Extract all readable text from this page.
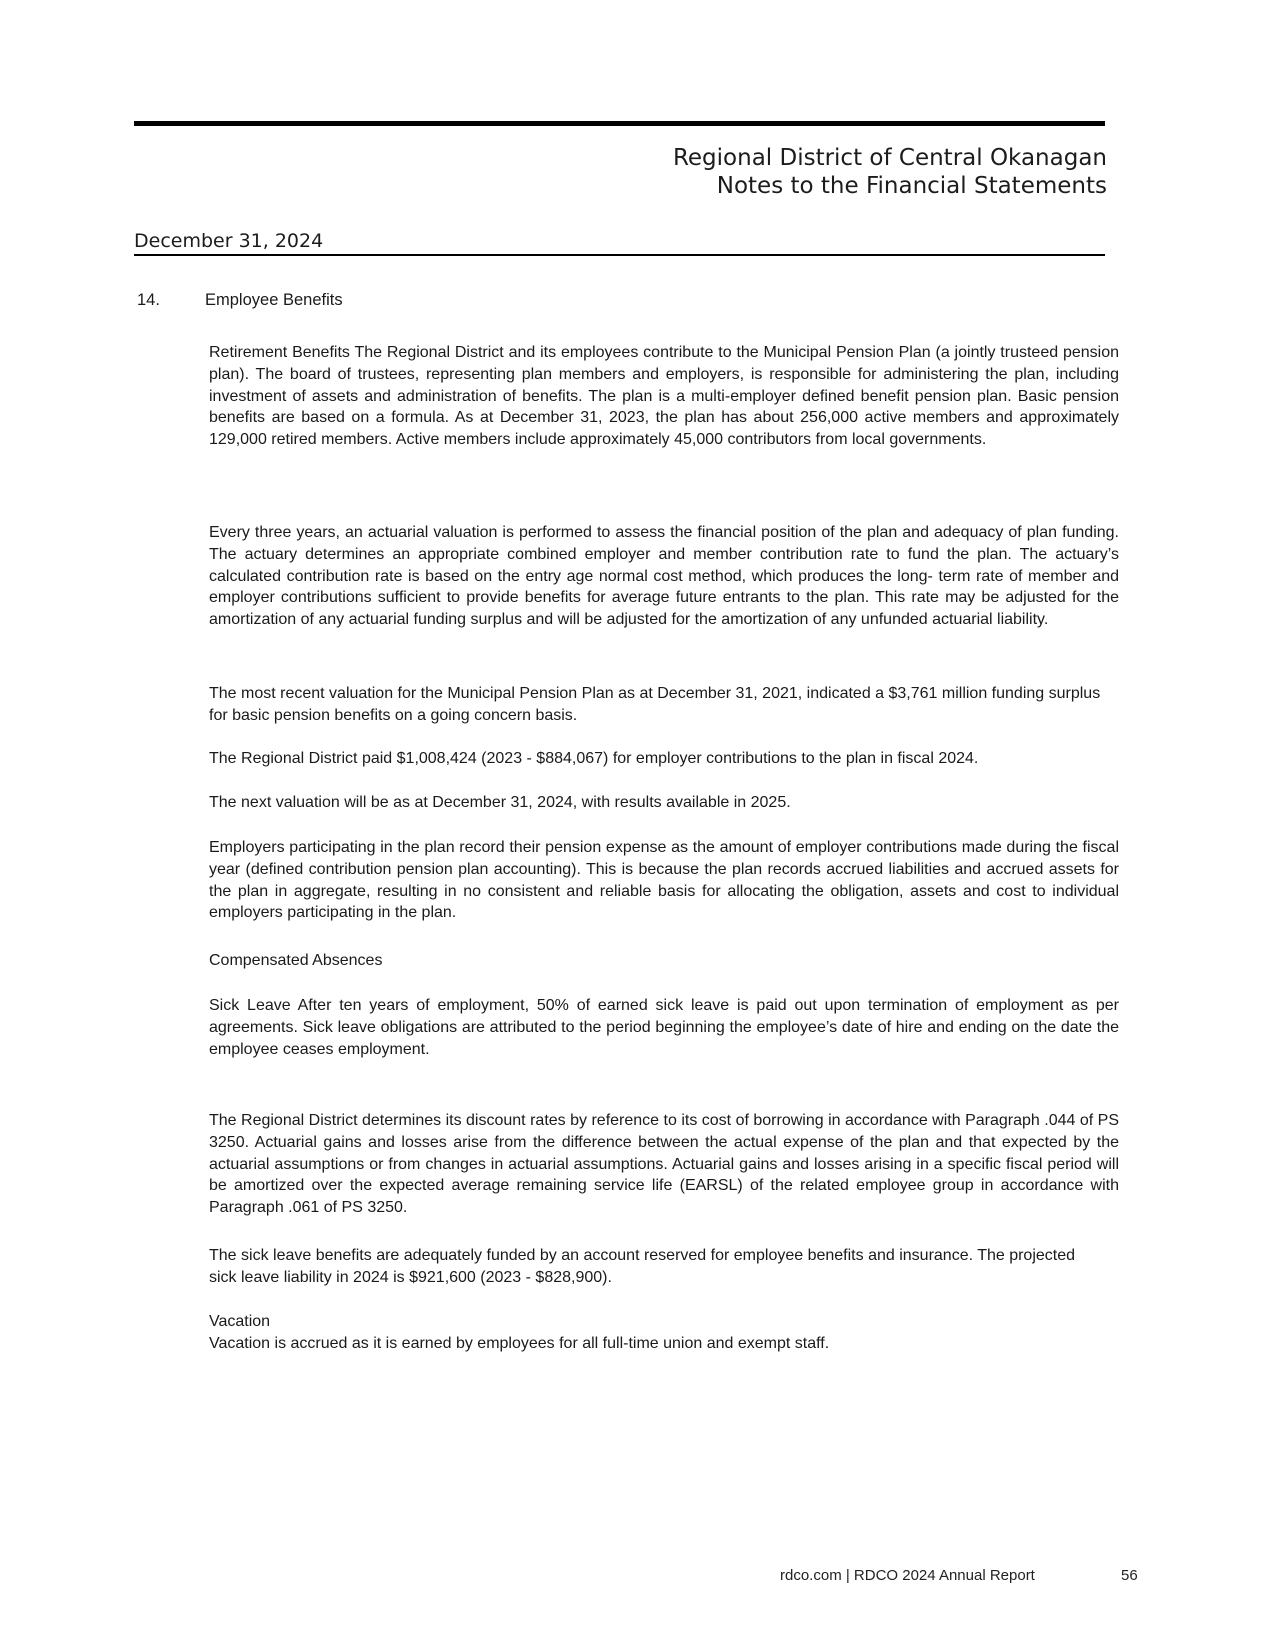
Regional District of Central Okanagan
Notes to the Financial Statements
December 31, 2024
14.	Employee Benefits

Retirement Benefits The Regional District and its employees contribute to the Municipal Pension Plan (a jointly trusteed pension plan). The board of trustees, representing plan members and employers, is responsible for administering the plan, including investment of assets and administration of benefits. The plan is a multi-employer defined benefit pension plan. Basic pension benefits are based on a formula. As at December 31, 2023, the plan has about 256,000 active members and approximately 129,000 retired members. Active members include approximately 45,000 contributors from local governments.

Every three years, an actuarial valuation is performed to assess the financial position of the plan and adequacy of plan funding. The actuary determines an appropriate combined employer and member contribution rate to fund the plan. The actuary’s calculated contribution rate is based on the entry age normal cost method, which produces the long- term rate of member and employer contributions sufficient to provide benefits for average future entrants to the plan. This rate may be adjusted for the amortization of any actuarial funding surplus and will be adjusted for the amortization of any unfunded actuarial liability.

The most recent valuation for the Municipal Pension Plan as at December 31, 2021, indicated a $3,761 million funding surplus for basic pension benefits on a going concern basis.

The Regional District paid $1,008,424 (2023 - $884,067) for employer contributions to the plan in fiscal 2024.

The next valuation will be as at December 31, 2024, with results available in 2025.

Employers participating in the plan record their pension expense as the amount of employer contributions made during the fiscal year (defined contribution pension plan accounting). This is because the plan records accrued liabilities and accrued assets for the plan in aggregate, resulting in no consistent and reliable basis for allocating the obligation, assets and cost to individual employers participating in the plan.

Compensated Absences

Sick Leave After ten years of employment, 50% of earned sick leave is paid out upon termination of employment as per agreements. Sick leave obligations are attributed to the period beginning the employee’s date of hire and ending on the date the employee ceases employment.

The Regional District determines its discount rates by reference to its cost of borrowing in accordance with Paragraph .044 of PS 3250. Actuarial gains and losses arise from the difference between the actual expense of the plan and that expected by the actuarial assumptions or from changes in actuarial assumptions. Actuarial gains and losses arising in a specific fiscal period will be amortized over the expected average remaining service life (EARSL) of the related employee group in accordance with Paragraph .061 of PS 3250.

The sick leave benefits are adequately funded by an account reserved for employee benefits and insurance. The projected sick leave liability in 2024 is $921,600 (2023 - $828,900).

Vacation

Vacation is accrued as it is earned by employees for all full-time union and exempt staff.

rdco.com | RDCO 2024 Annual Report	56
